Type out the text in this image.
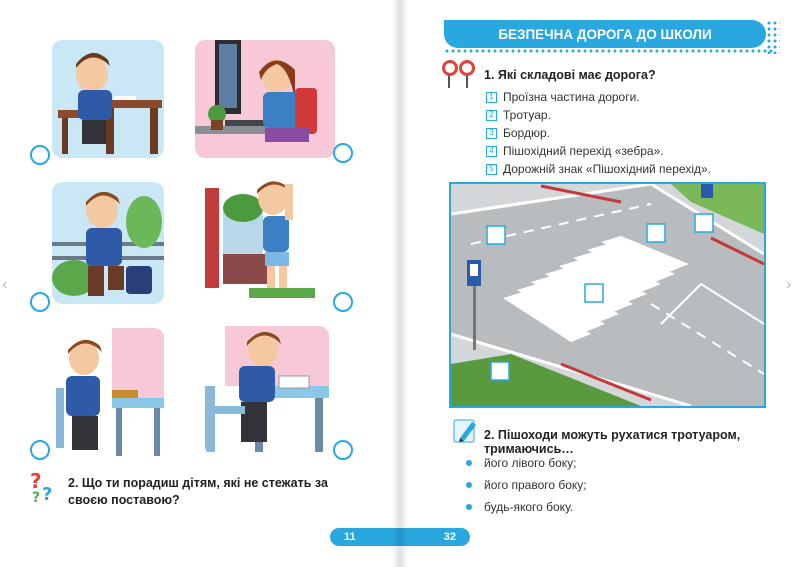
?
?
?
2. Що ти порадиш дітям, які не стежать за своєю поставою?
‹
БЕЗПЕЧНА ДОРОГА ДО ШКОЛИ
1. Які складові має дорога?
1 Проїзна частина дороги.
2 Тротуар.
3 Бордюр.
4 Пішохідний перехід «зебра».
5 Дорожній знак «Пішохідний перехід».
2. Пішоходи можуть рухатися тротуаром, тримаючись…
його лівого боку;
його правого боку;
будь-якого боку.
11	32
›
